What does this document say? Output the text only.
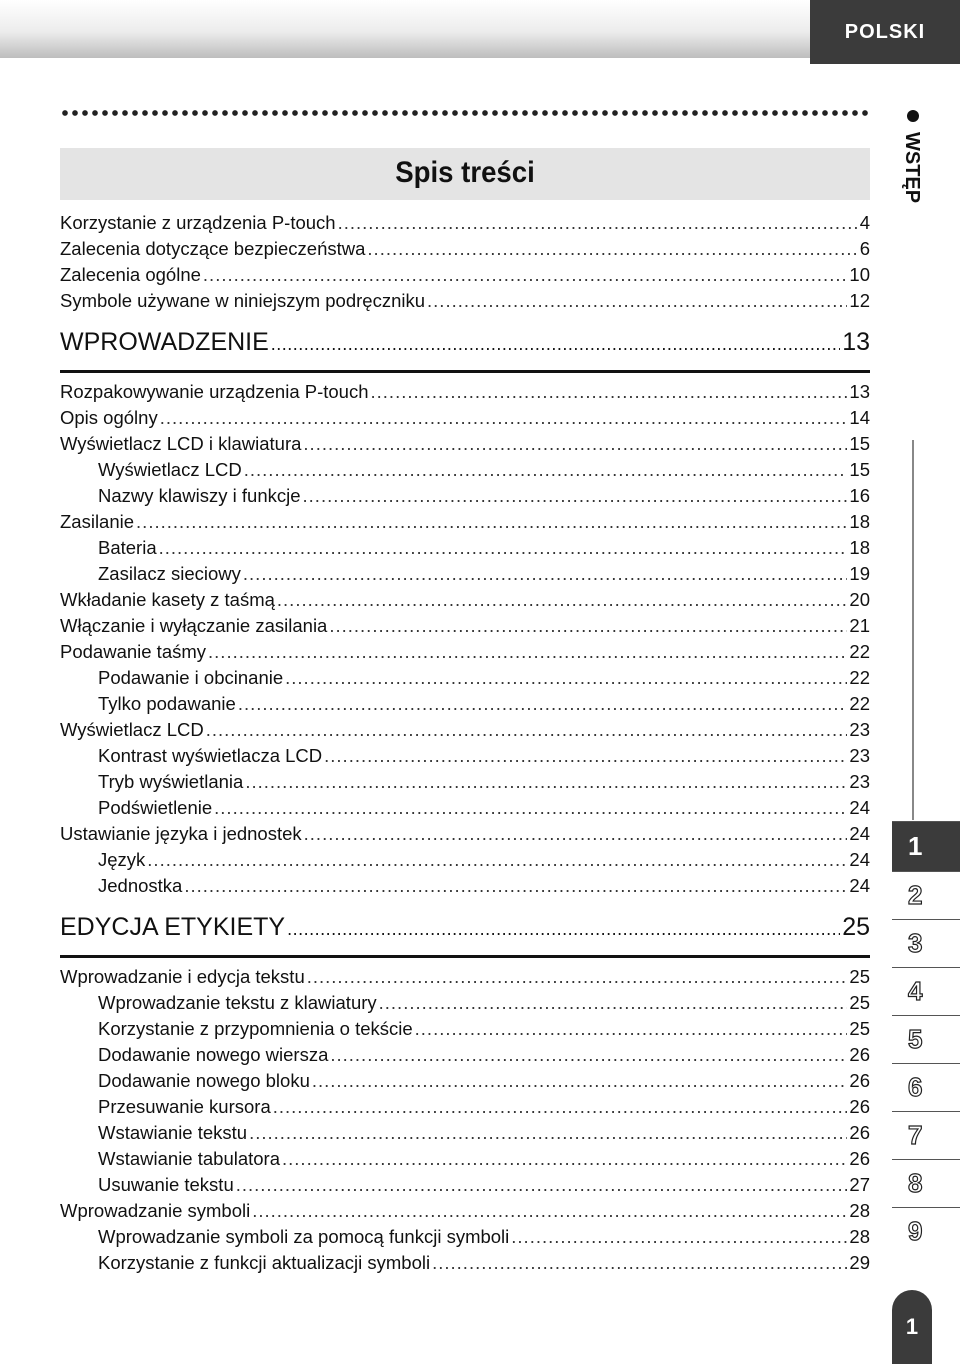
POLSKI
Spis treści
Korzystanie z urządzenia P-touch .....	4
Zalecenia dotyczące bezpieczeństwa .....	6
Zalecenia ogólne .....	10
Symbole używane w niniejszym podręczniku .....	12
WPROWADZENIE .....	13
Rozpakowywanie urządzenia P-touch .....	13
Opis ogólny .....	14
Wyświetlacz LCD i klawiatura .....	15
Wyświetlacz LCD .....	15
Nazwy klawiszy i funkcje .....	16
Zasilanie .....	18
Bateria .....	18
Zasilacz sieciowy .....	19
Wkładanie kasety z taśmą .....	20
Włączanie i wyłączanie zasilania .....	21
Podawanie taśmy .....	22
Podawanie i obcinanie .....	22
Tylko podawanie .....	22
Wyświetlacz LCD .....	23
Kontrast wyświetlacza LCD .....	23
Tryb wyświetlania .....	23
Podświetlenie .....	24
Ustawianie języka i jednostek .....	24
Język .....	24
Jednostka .....	24
EDYCJA ETYKIETY .....	25
Wprowadzanie i edycja tekstu .....	25
Wprowadzanie tekstu z klawiatury .....	25
Korzystanie z przypomnienia o tekście .....	25
Dodawanie nowego wiersza .....	26
Dodawanie nowego bloku .....	26
Przesuwanie kursora .....	26
Wstawianie tekstu .....	26
Wstawianie tabulatora .....	26
Usuwanie tekstu .....	27
Wprowadzanie symboli .....	28
Wprowadzanie symboli za pomocą funkcji symboli .....	28
Korzystanie z funkcji aktualizacji symboli .....	29
WSTĘP
1
2
3
4
5
6
7
8
9
1
